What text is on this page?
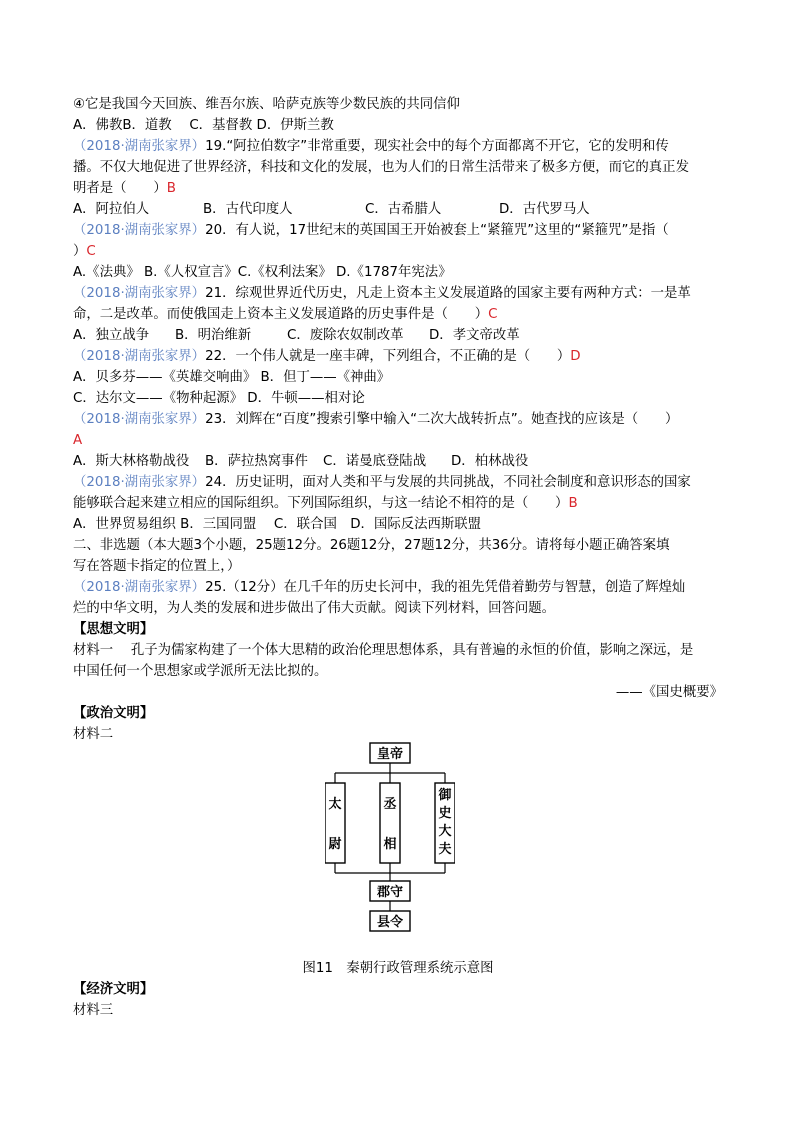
④它是我国今天回族、维吾尔族、哈萨克族等少数民族的共同信仰
A．佛教B．道教　 C．基督教 D．伊斯兰教
（2018·湖南张家界）19.“阿拉伯数字”非常重要，现实社会中的每个方面都离不开它，它的发明和传
播。不仅大地促进了世界经济，科技和文化的发展，也为人们的日常生活带来了极多方便，而它的真正发
明者是（　　）B
A．阿拉伯人	B．古代印度人	C．古希腊人	D．古代罗马人
（2018·湖南张家界）20．有人说，17世纪末的英国国王开始被套上“紧箍咒”这里的“紧箍咒”是指（
）C
A.《法典》 B.《人权宣言》C.《权利法案》 D.《1787年宪法》
（2018·湖南张家界）21．综观世界近代历史，凡走上资本主义发展道路的国家主要有两种方式：一是革
命，二是改革。而使俄国走上资本主义发展道路的历史事件是（　　）C
A．独立战争 B．明治维新	C．废除农奴制改革 D．孝文帝改革
（2018·湖南张家界）22．一个伟人就是一座丰碑，下列组合，不正确的是（　　）D
A．贝多芬——《英雄交响曲》 B．但丁——《神曲》
C．达尔文——《物种起源》 D．牛顿——相对论
（2018·湖南张家界）23．刘辉在“百度”搜索引擎中输入“二次大战转折点”。她查找的应该是（　　）
A
A．斯大林格勒战役 B．萨拉热窝事件 C．诺曼底登陆战 D．柏林战役
（2018·湖南张家界）24．历史证明，面对人类和平与发展的共同挑战，不同社会制度和意识形态的国家
能够联合起来建立相应的国际组织。下列国际组织，与这一结论不相符的是（　　）B
A．世界贸易组织 B．三国同盟　 C．联合国　D．国际反法西斯联盟
二、非选题（本大题3个小题，25题12分。26题12分，27题12分，共36分。请将每小题正确答案填
写在答题卡指定的位置上，）
（2018·湖南张家界）25.（12分）在几千年的历史长河中，我的祖先凭借着勤劳与智慧，创造了辉煌灿
烂的中华文明，为人类的发展和进步做出了伟大贡献。阅读下列材料，回答问题。
【思想文明】
材料一　 孔子为儒家构建了一个体大思精的政治伦理思想体系，具有普遍的永恒的价值，影响之深远，是
中国任何一个思想家或学派所无法比拟的。
——《国史概要》
【政治文明】
材料二
皇帝
太
尉
丞
相
御
史
大
夫
郡守
县令
图11　秦朝行政管理系统示意图
【经济文明】
材料三
